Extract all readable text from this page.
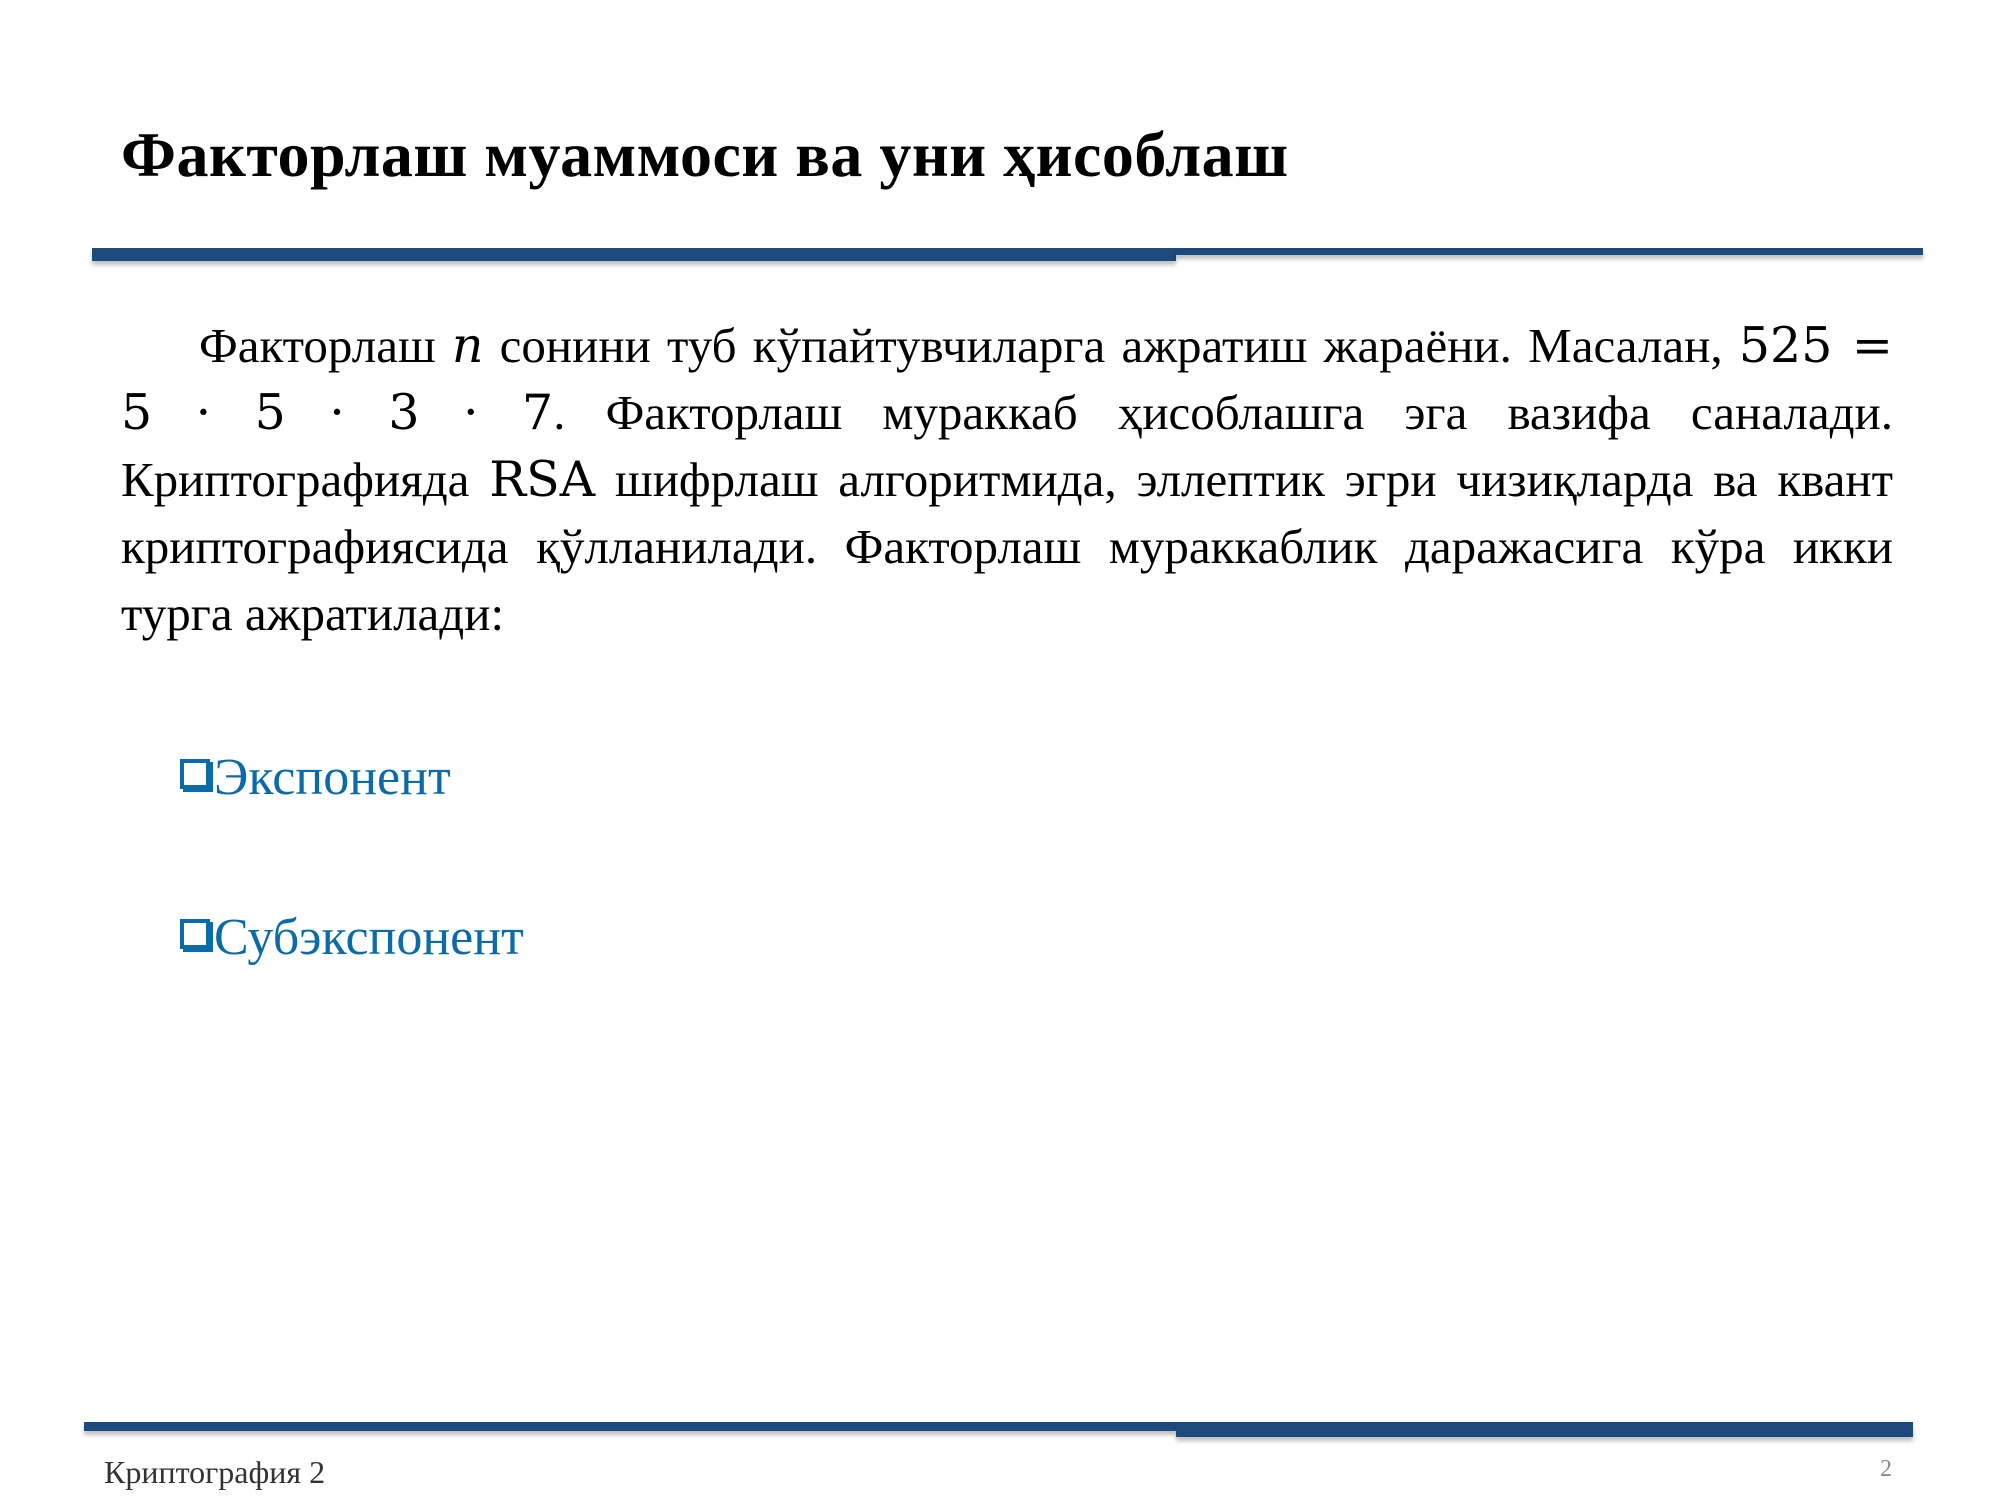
Факторлаш муаммоси ва уни ҳисоблаш
Факторлаш n сонини туб кўпайтувчиларга ажратиш жараёни. Масалан, 525 = 5 · 5 · 3 · 7. Факторлаш мураккаб ҳисоблашга эга вазифа саналади. Криптографияда RSA шифрлаш алгоритмида, эллептик эгри чизиқларда ва квант криптографиясида қўлланилади. Факторлаш мураккаблик даражасига кўра икки турга ажратилади:
Экспонент
Субэкспонент
Криптография 2	2
